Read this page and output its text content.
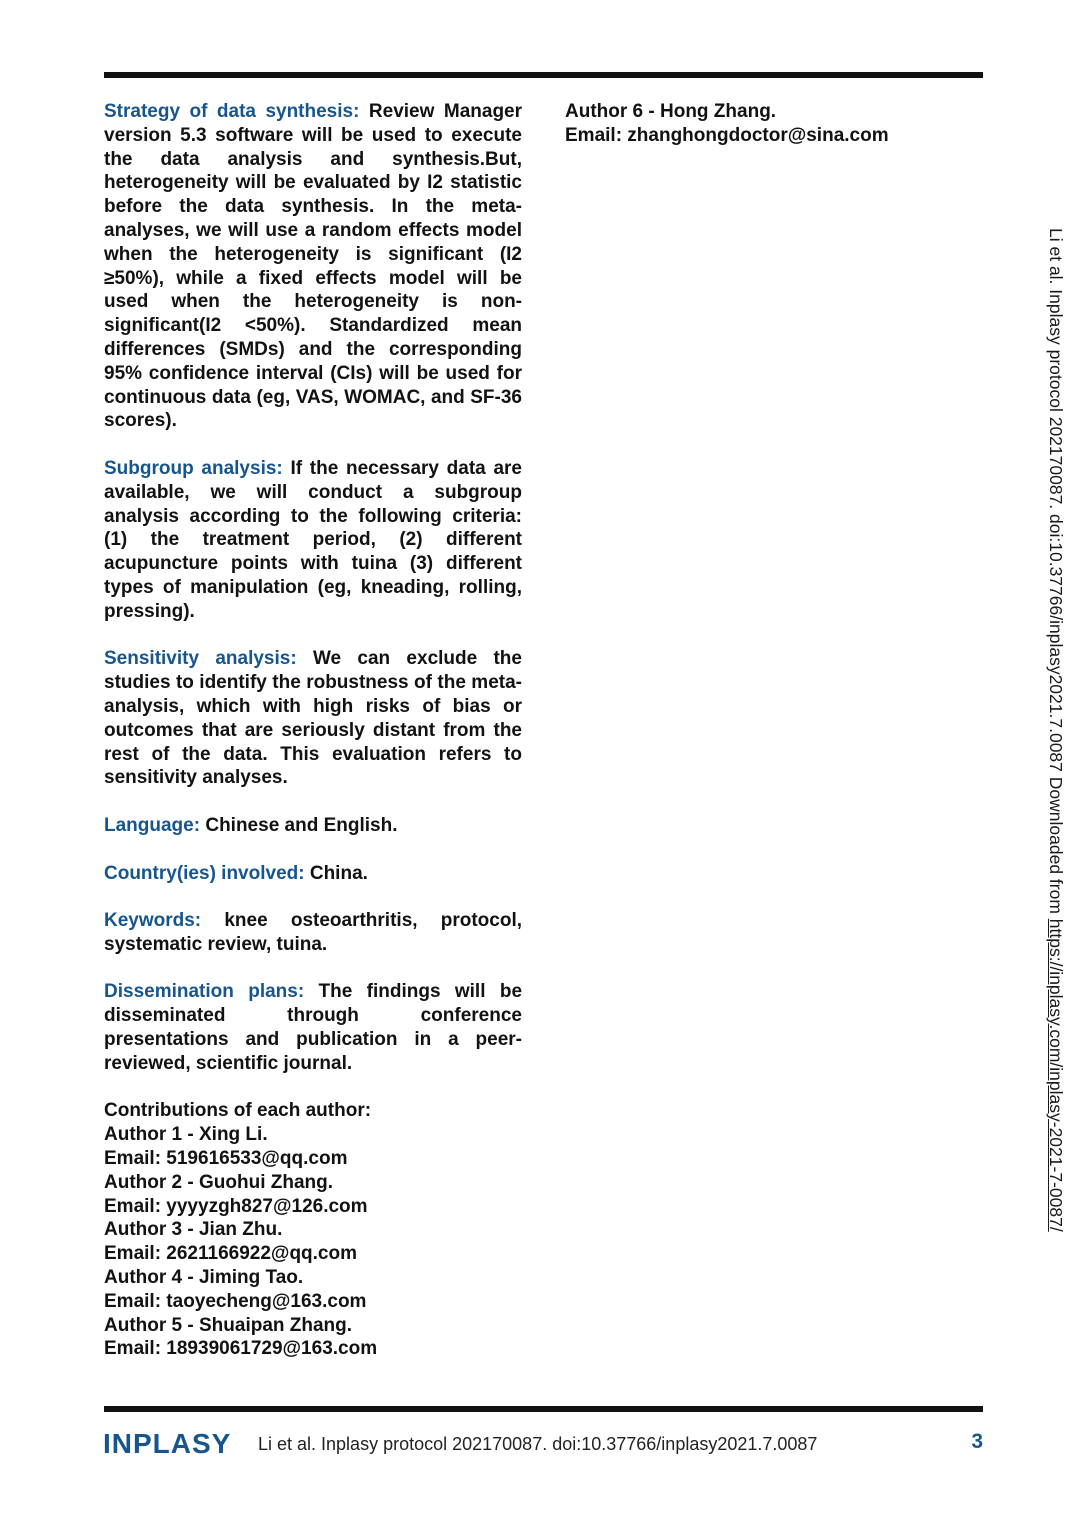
Strategy of data synthesis: Review Manager version 5.3 software will be used to execute the data analysis and synthesis.But, heterogeneity will be evaluated by I2 statistic before the data synthesis. In the meta-analyses, we will use a random effects model when the heterogeneity is significant (I2 ≥50%), while a fixed effects model will be used when the heterogeneity is non-significant(I2 <50%). Standardized mean differences (SMDs) and the corresponding 95% confidence interval (CIs) will be used for continuous data (eg, VAS, WOMAC, and SF-36 scores).

Subgroup analysis: If the necessary data are available, we will conduct a subgroup analysis according to the following criteria: (1) the treatment period, (2) different acupuncture points with tuina (3) different types of manipulation (eg, kneading, rolling, pressing).

Sensitivity analysis: We can exclude the studies to identify the robustness of the meta-analysis, which with high risks of bias or outcomes that are seriously distant from the rest of the data. This evaluation refers to sensitivity analyses.

Language: Chinese and English.

Country(ies) involved: China.

Keywords: knee osteoarthritis, protocol, systematic review, tuina.

Dissemination plans: The findings will be disseminated through conference presentations and publication in a peer-reviewed, scientific journal.

Contributions of each author:
Author 1 - Xing Li.
Email: 519616533@qq.com
Author 2 - Guohui Zhang.
Email: yyyyzgh827@126.com
Author 3 - Jian Zhu.
Email: 2621166922@qq.com
Author 4 - Jiming Tao.
Email: taoyecheng@163.com
Author 5 - Shuaipan Zhang.
Email: 18939061729@163.com
Author 6 - Hong Zhang.
Email: zhanghongdoctor@sina.com
Li et al. Inplasy protocol 202170087. doi:10.37766/inplasy2021.7.0087 Downloaded from https://inplasy.com/inplasy-2021-7-0087/
INPLASY Li et al. Inplasy protocol 202170087. doi:10.37766/inplasy2021.7.0087	3
